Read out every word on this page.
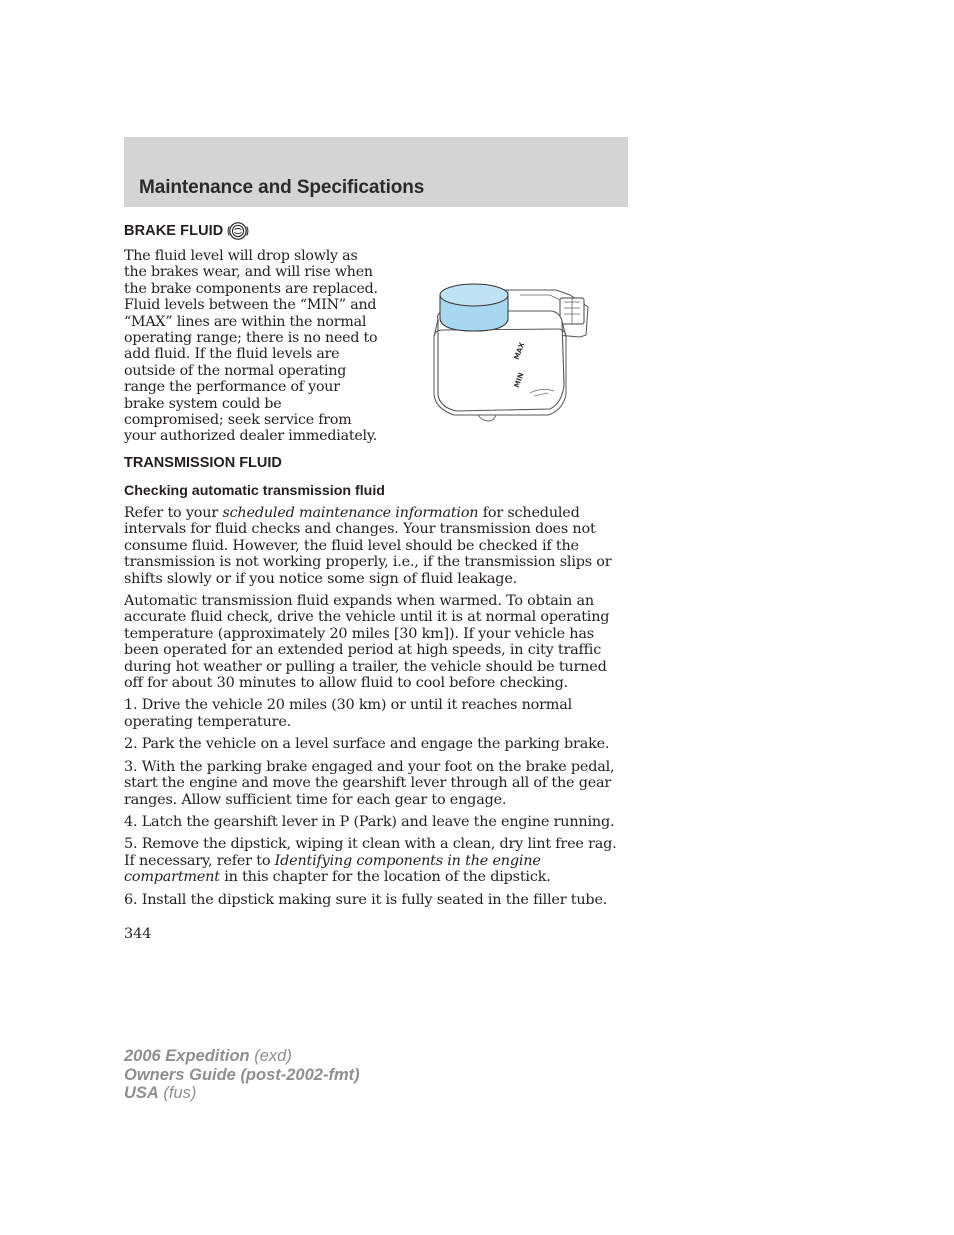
Maintenance and Specifications
BRAKE FLUID

The fluid level will drop slowly as the brakes wear, and will rise when the brake components are replaced. Fluid levels between the “MIN” and “MAX” lines are within the normal operating range; there is no need to add fluid. If the fluid levels are outside of the normal operating range the performance of your brake system could be compromised; seek service from your authorized dealer immediately.

MAX
MIN
TRANSMISSION FLUID
Checking automatic transmission fluid

Refer to your scheduled maintenance information for scheduled intervals for fluid checks and changes. Your transmission does not consume fluid. However, the fluid level should be checked if the transmission is not working properly, i.e., if the transmission slips or shifts slowly or if you notice some sign of fluid leakage.

Automatic transmission fluid expands when warmed. To obtain an accurate fluid check, drive the vehicle until it is at normal operating temperature (approximately 20 miles [30 km]). If your vehicle has been operated for an extended period at high speeds, in city traffic during hot weather or pulling a trailer, the vehicle should be turned off for about 30 minutes to allow fluid to cool before checking.

1. Drive the vehicle 20 miles (30 km) or until it reaches normal operating temperature.

2. Park the vehicle on a level surface and engage the parking brake.

3. With the parking brake engaged and your foot on the brake pedal, start the engine and move the gearshift lever through all of the gear ranges. Allow sufficient time for each gear to engage.

4. Latch the gearshift lever in P (Park) and leave the engine running.

5. Remove the dipstick, wiping it clean with a clean, dry lint free rag. If necessary, refer to Identifying components in the engine compartment in this chapter for the location of the dipstick.

6. Install the dipstick making sure it is fully seated in the filler tube.

344
2006 Expedition (exd)
Owners Guide (post-2002-fmt)
USA (fus)
